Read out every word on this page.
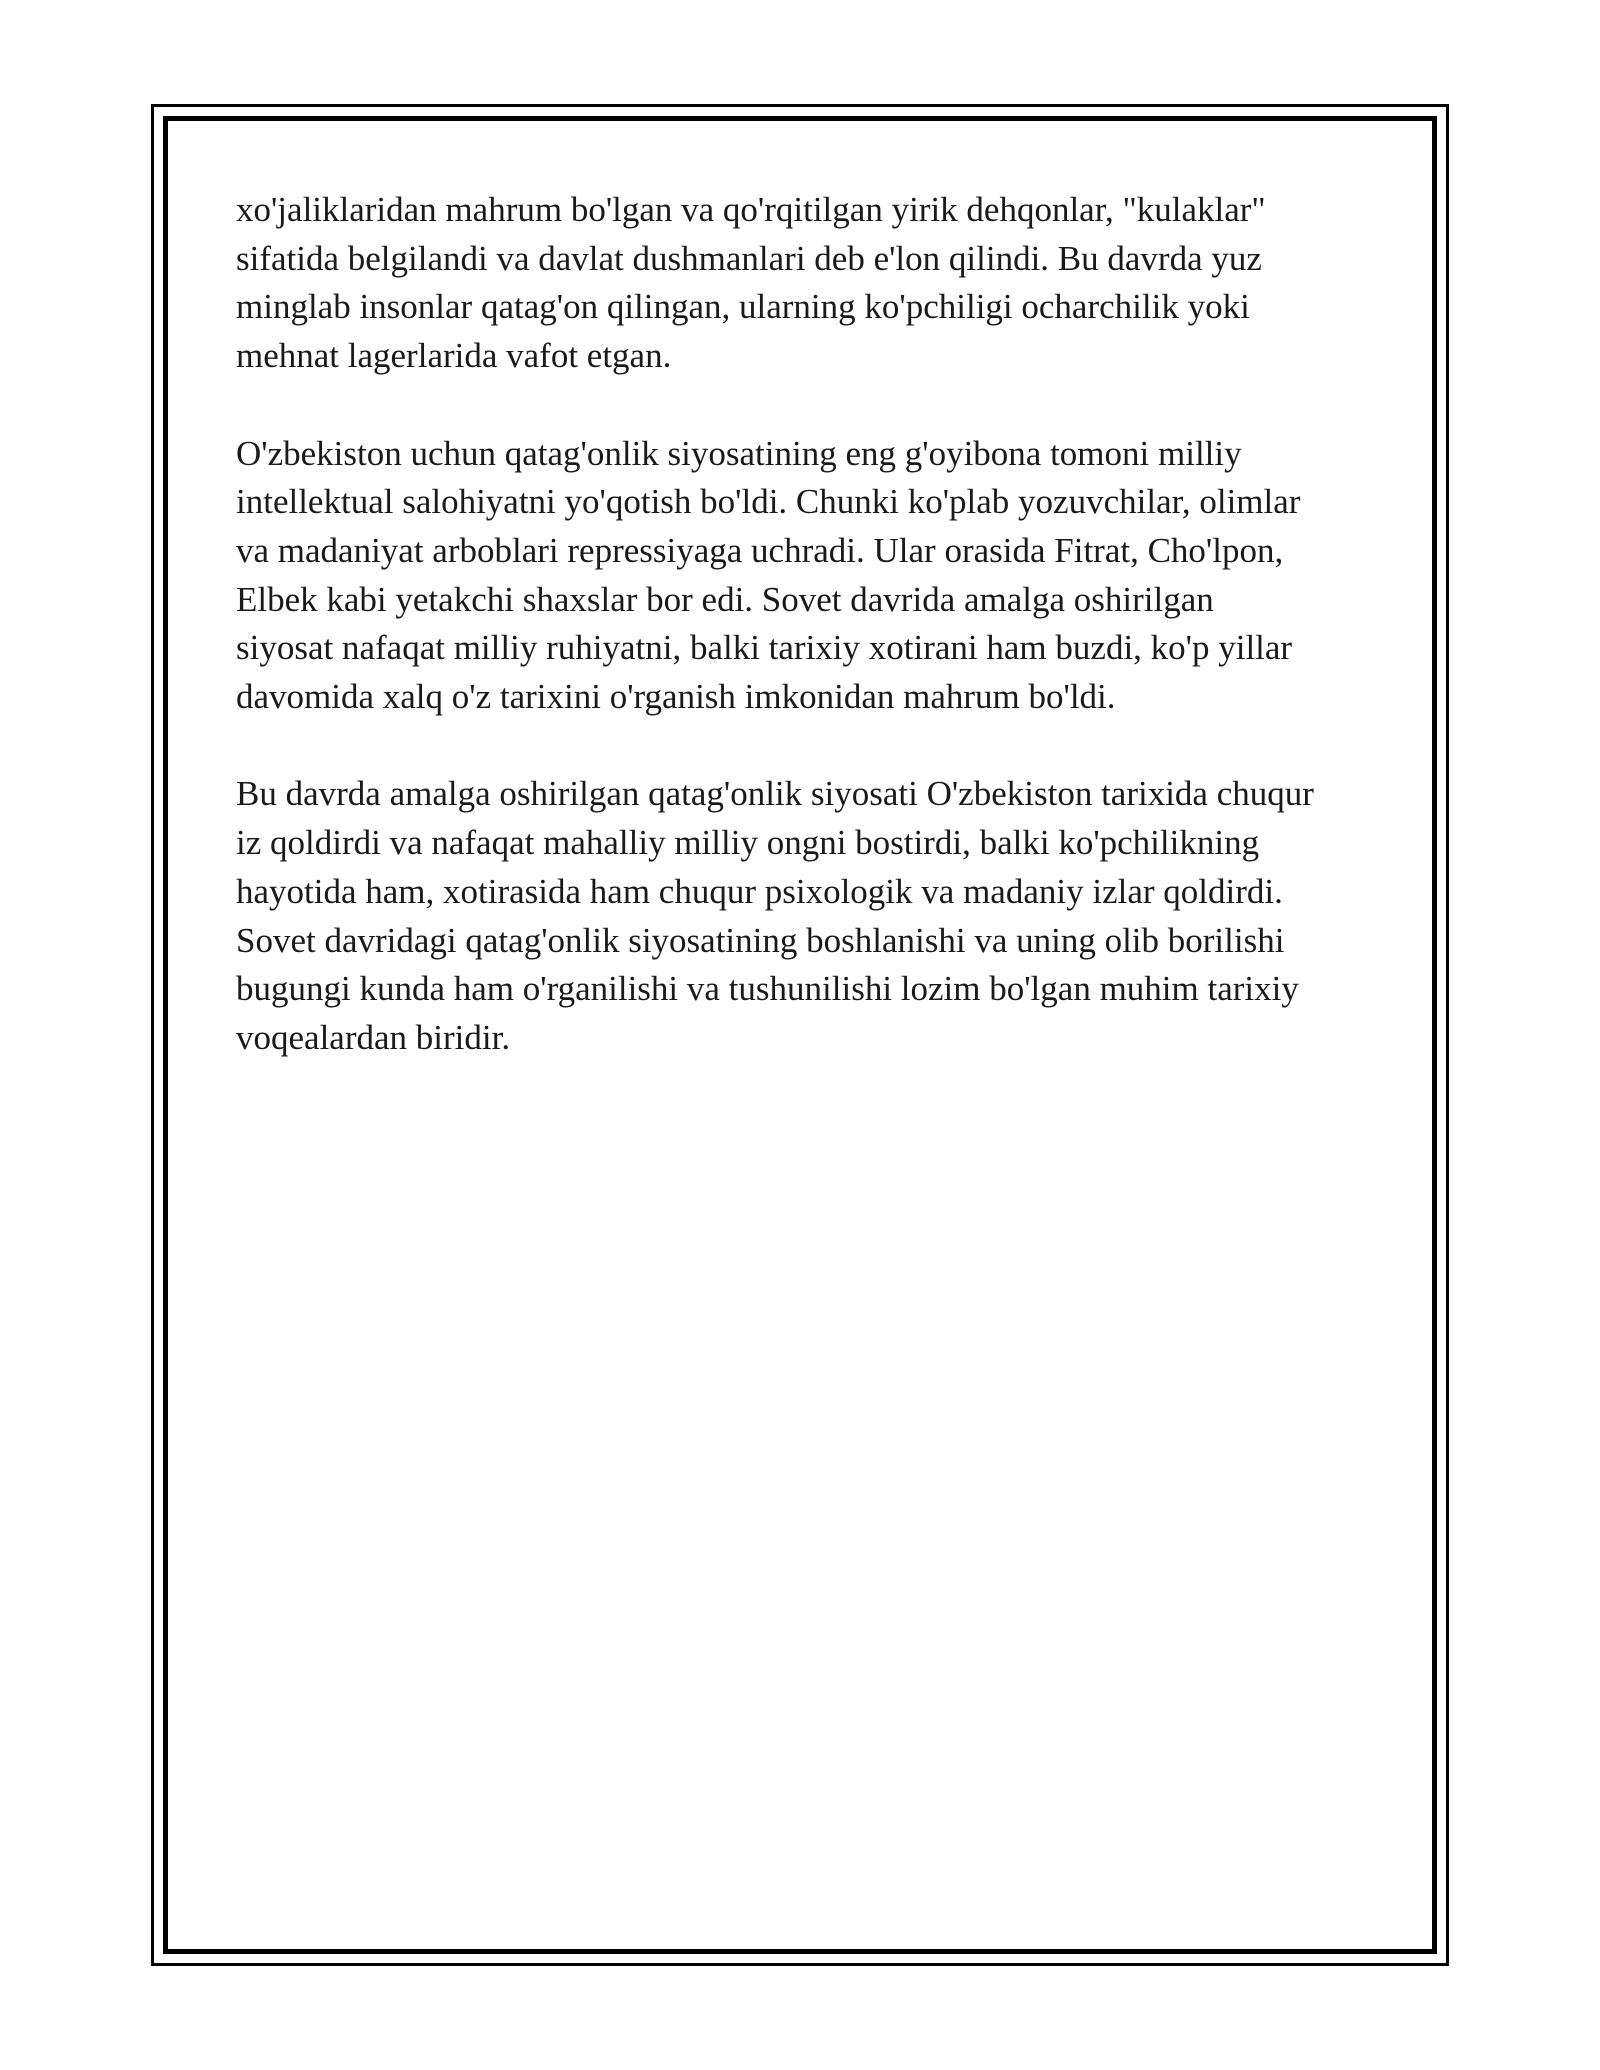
xo'jaliklaridan mahrum bo'lgan va qo'rqitilgan yirik dehqonlar, "kulaklar"
sifatida belgilandi va davlat dushmanlari deb e'lon qilindi. Bu davrda yuz
minglab insonlar qatag'on qilingan, ularning ko'pchiligi ocharchilik yoki
mehnat lagerlarida vafot etgan.

O'zbekiston uchun qatag'onlik siyosatining eng g'oyibona tomoni milliy
intellektual salohiyatni yo'qotish bo'ldi. Chunki ko'plab yozuvchilar, olimlar
va madaniyat arboblari repressiyaga uchradi. Ular orasida Fitrat, Cho'lpon,
Elbek kabi yetakchi shaxslar bor edi. Sovet davrida amalga oshirilgan
siyosat nafaqat milliy ruhiyatni, balki tarixiy xotirani ham buzdi, ko'p yillar
davomida xalq o'z tarixini o'rganish imkonidan mahrum bo'ldi.

Bu davrda amalga oshirilgan qatag'onlik siyosati O'zbekiston tarixida chuqur
iz qoldirdi va nafaqat mahalliy milliy ongni bostirdi, balki ko'pchilikning
hayotida ham, xotirasida ham chuqur psixologik va madaniy izlar qoldirdi.
Sovet davridagi qatag'onlik siyosatining boshlanishi va uning olib borilishi
bugungi kunda ham o'rganilishi va tushunilishi lozim bo'lgan muhim tarixiy
voqealardan biridir.
